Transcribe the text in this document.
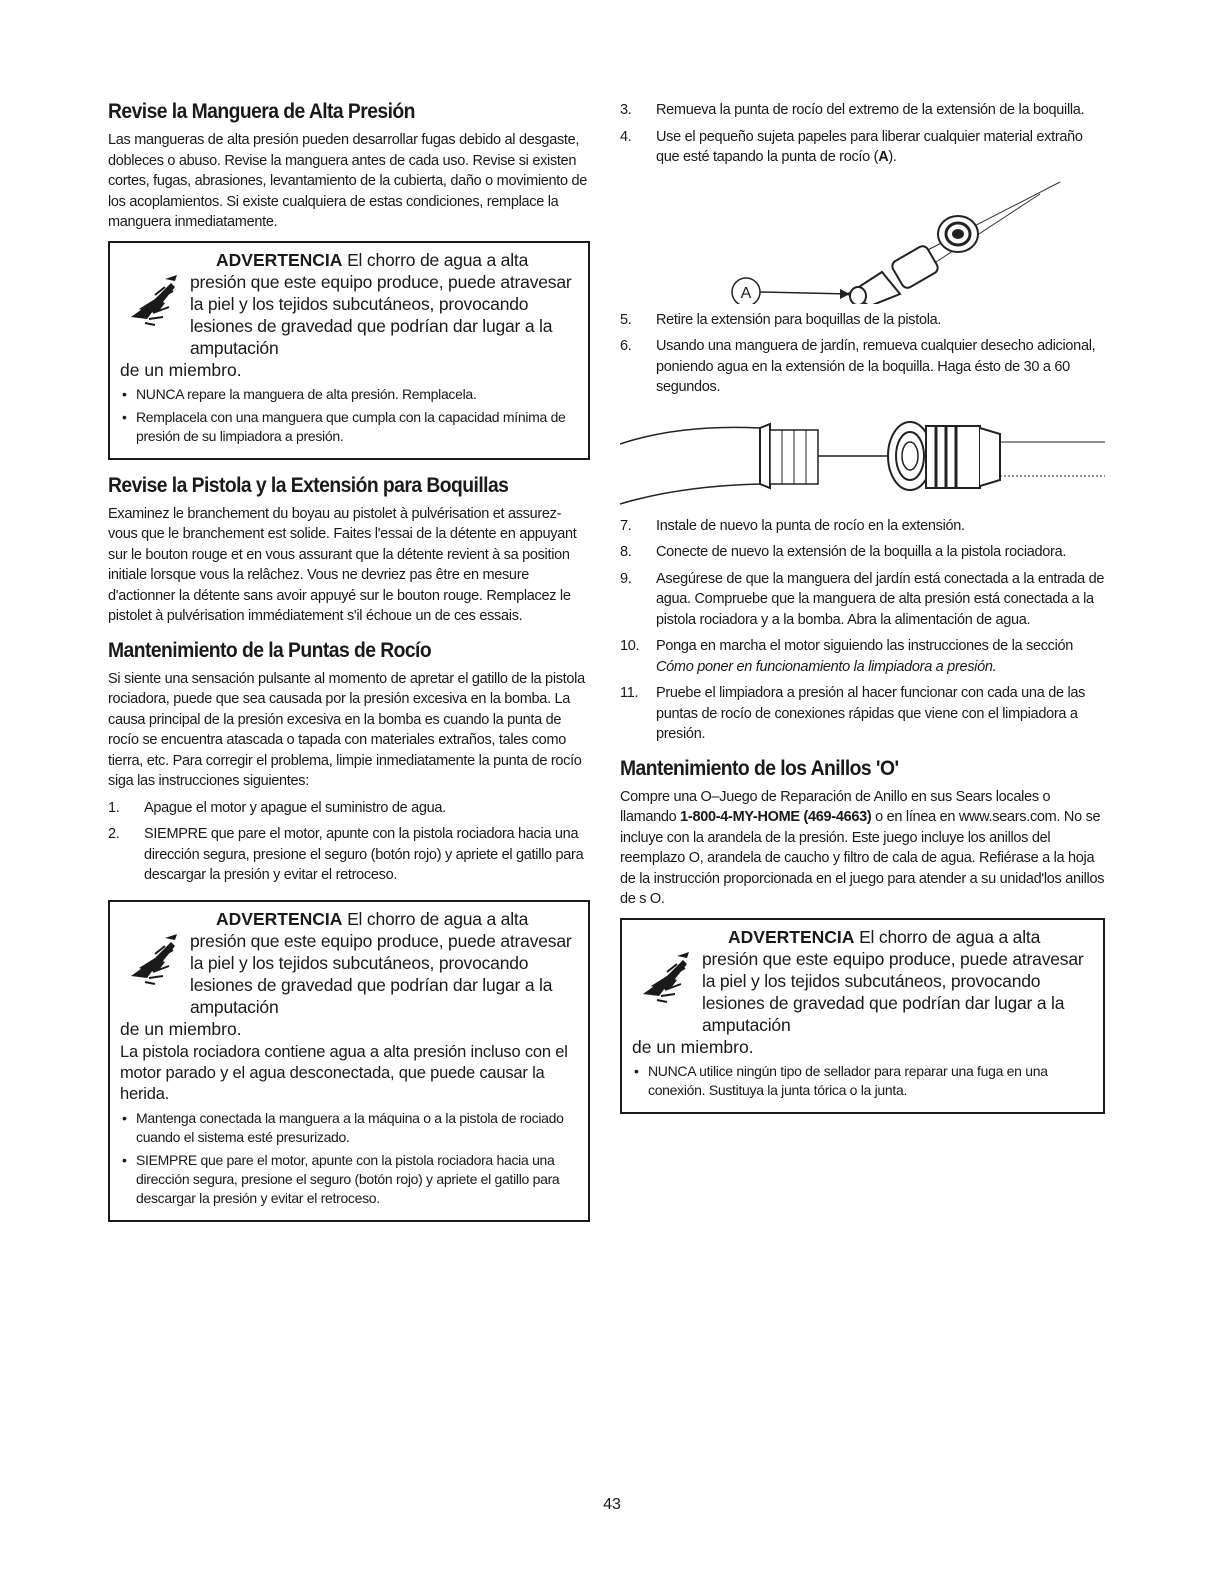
Revise la Manguera de Alta Presión

Las mangueras de alta presión pueden desarrollar fugas debido al desgaste, dobleces o abuso. Revise la manguera antes de cada uso. Revise si existen cortes, fugas, abrasiones, levantamiento de la cubierta, daño o movimiento de los acoplamientos. Si existe cualquiera de estas condiciones, remplace la manguera inmediatamente.

ADVERTENCIA El chorro de agua a alta presión que este equipo produce, puede atravesar la piel y los tejidos subcutáneos, provocando lesiones de gravedad que podrían dar lugar a la amputación
de un miembro.
• NUNCA repare la manguera de alta presión. Remplacela.
• Remplacela con una manguera que cumpla con la capacidad mínima de presión de su limpiadora a presión.
Revise la Pistola y la Extensión para Boquillas

Examinez le branchement du boyau au pistolet à pulvérisation et assurez-vous que le branchement est solide. Faites l'essai de la détente en appuyant sur le bouton rouge et en vous assurant que la détente revient à sa position initiale lorsque vous la relâchez. Vous ne devriez pas être en mesure d'actionner la détente sans avoir appuyé sur le bouton rouge. Remplacez le pistolet à pulvérisation immédiatement s'il échoue un de ces essais.

Mantenimiento de la Puntas de Rocío

Si siente una sensación pulsante al momento de apretar el gatillo de la pistola rociadora, puede que sea causada por la presión excesiva en la bomba. La causa principal de la presión excesiva en la bomba es cuando la punta de rocío se encuentra atascada o tapada con materiales extraños, tales como tierra, etc. Para corregir el problema, limpie inmediatamente la punta de rocío siga las instrucciones siguientes:

1. Apague el motor y apague el suministro de agua.
2. SIEMPRE que pare el motor, apunte con la pistola rociadora hacia una dirección segura, presione el seguro (botón rojo) y apriete el gatillo para descargar la presión y evitar el retroceso.
ADVERTENCIA El chorro de agua a alta presión que este equipo produce, puede atravesar la piel y los tejidos subcutáneos, provocando lesiones de gravedad que podrían dar lugar a la amputación
de un miembro.
La pistola rociadora contiene agua a alta presión incluso con el motor parado y el agua desconectada, que puede causar la herida.
• Mantenga conectada la manguera a la máquina o a la pistola de rociado cuando el sistema esté presurizado.
• SIEMPRE que pare el motor, apunte con la pistola rociadora hacia una dirección segura, presione el seguro (botón rojo) y apriete el gatillo para descargar la presión y evitar el retroceso.
3. Remueva la punta de rocío del extremo de la extensión de la boquilla.
4. Use el pequeño sujeta papeles para liberar cualquier material extraño que esté tapando la punta de rocío (A).
A
5. Retire la extensión para boquillas de la pistola.
6. Usando una manguera de jardín, remueva cualquier desecho adicional, poniendo agua en la extensión de la boquilla. Haga ésto de 30 a 60 segundos.
7. Instale de nuevo la punta de rocío en la extensión.
8. Conecte de nuevo la extensión de la boquilla a la pistola rociadora.
9. Asegúrese de que la manguera del jardín está conectada a la entrada de agua. Compruebe que la manguera de alta presión está conectada a la pistola rociadora y a la bomba. Abra la alimentación de agua.
10. Ponga en marcha el motor siguiendo las instrucciones de la sección Cómo poner en funcionamiento la limpiadora a presión.
11. Pruebe el limpiadora a presión al hacer funcionar con cada una de las puntas de rocío de conexiones rápidas que viene con el limpiadora a presión.
Mantenimiento de los Anillos 'O'

Compre una O–Juego de Reparación de Anillo en sus Sears locales o llamando 1-800-4-MY-HOME (469-4663) o en línea en www.sears.com. No se incluye con la arandela de la presión. Este juego incluye los anillos del reemplazo O, arandela de caucho y filtro de cala de agua. Refiérase a la hoja de la instrucción proporcionada en el juego para atender a su unidad'los anillos de s O.

ADVERTENCIA El chorro de agua a alta presión que este equipo produce, puede atravesar la piel y los tejidos subcutáneos, provocando lesiones de gravedad que podrían dar lugar a la amputación
de un miembro.
• NUNCA utilice ningún tipo de sellador para reparar una fuga en una conexión. Sustituya la junta tórica o la junta.
43
